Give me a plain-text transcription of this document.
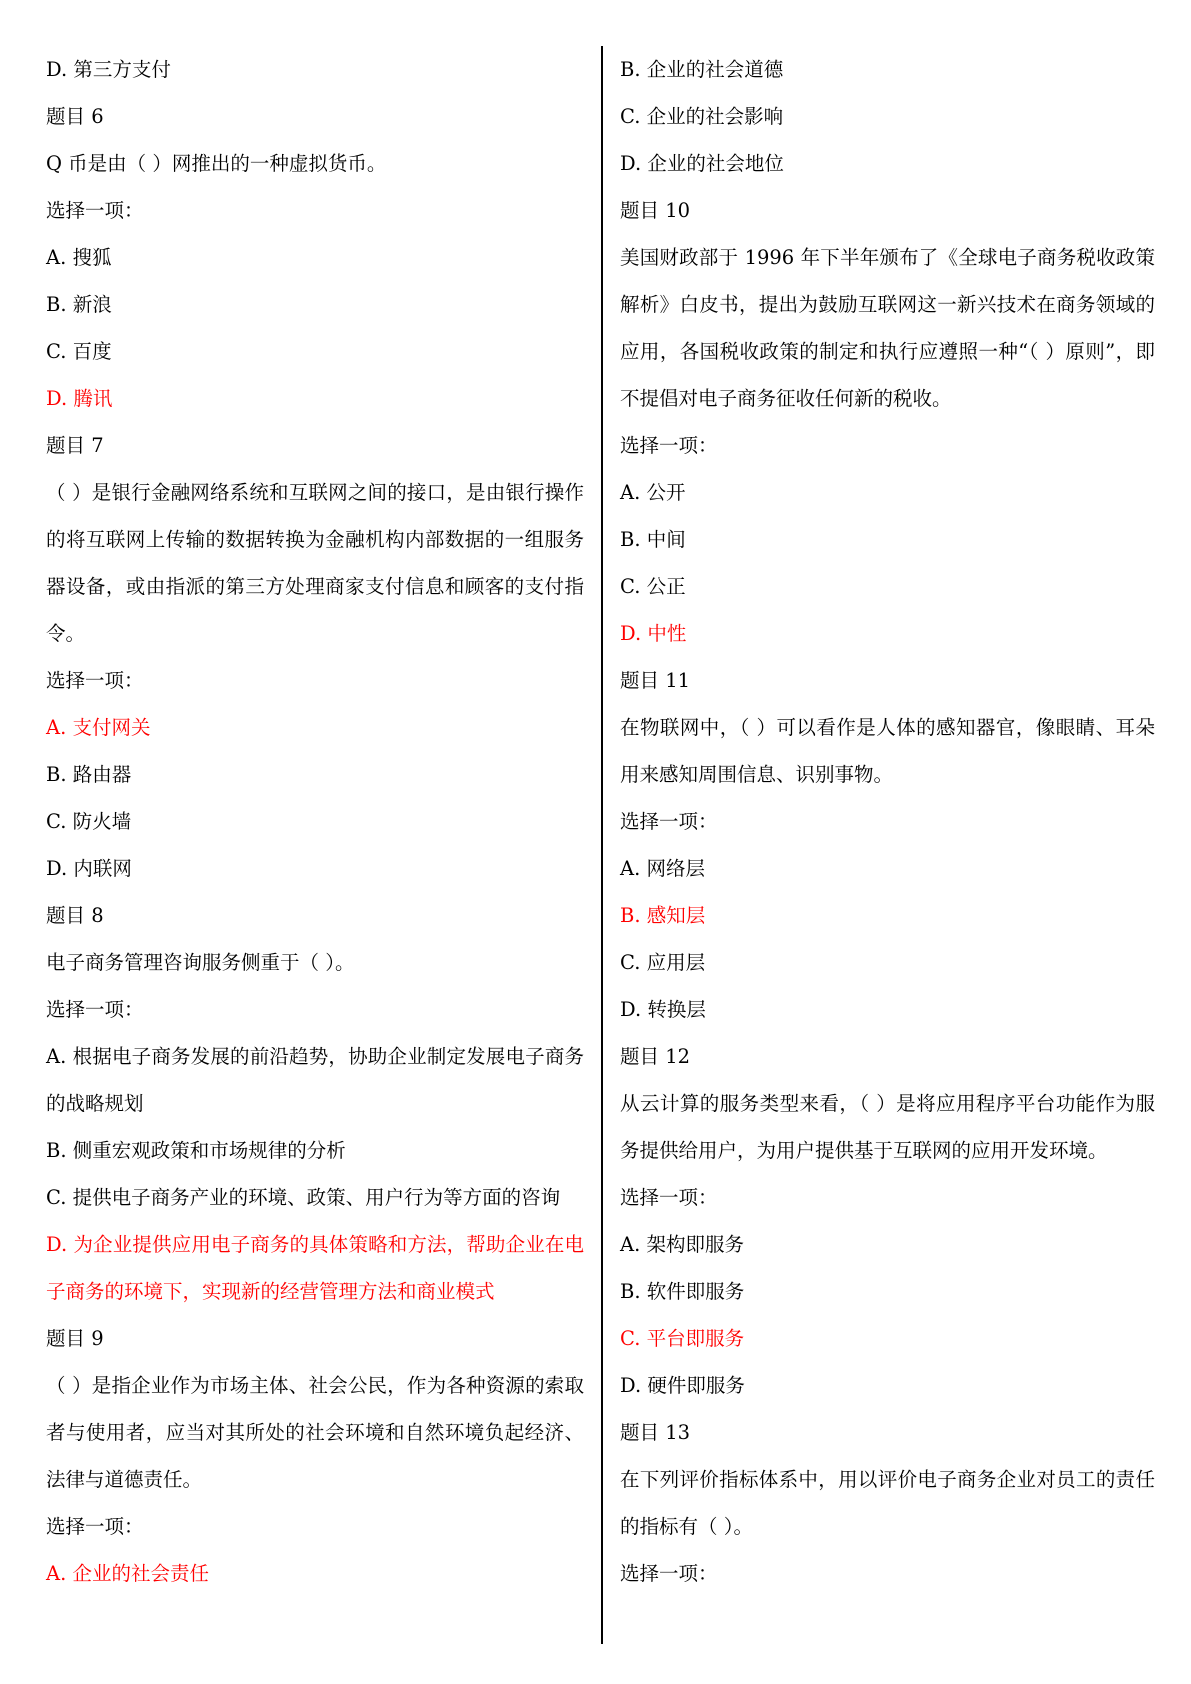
D. 第三方支付
题目 6
Q 币是由（ ）网推出的一种虚拟货币。
选择一项：
A. 搜狐
B. 新浪
C. 百度
D. 腾讯
题目 7
（ ）是银行金融网络系统和互联网之间的接口，是由银行操作的将互联网上传输的数据转换为金融机构内部数据的一组服务器设备，或由指派的第三方处理商家支付信息和顾客的支付指令。
选择一项：
A. 支付网关
B. 路由器
C. 防火墙
D. 内联网
题目 8
电子商务管理咨询服务侧重于（ ）。
选择一项：
A. 根据电子商务发展的前沿趋势，协助企业制定发展电子商务的战略规划
B. 侧重宏观政策和市场规律的分析
C. 提供电子商务产业的环境、政策、用户行为等方面的咨询
D. 为企业提供应用电子商务的具体策略和方法，帮助企业在电子商务的环境下，实现新的经营管理方法和商业模式
题目 9
（ ）是指企业作为市场主体、社会公民，作为各种资源的索取者与使用者，应当对其所处的社会环境和自然环境负起经济、法律与道德责任。
选择一项：
A. 企业的社会责任
B. 企业的社会道德
C. 企业的社会影响
D. 企业的社会地位
题目 10
美国财政部于 1996 年下半年颁布了《全球电子商务税收政策解析》白皮书，提出为鼓励互联网这一新兴技术在商务领域的应用，各国税收政策的制定和执行应遵照一种“（ ）原则”，即不提倡对电子商务征收任何新的税收。
选择一项：
A. 公开
B. 中间
C. 公正
D. 中性
题目 11
在物联网中，（ ）可以看作是人体的感知器官，像眼睛、耳朵用来感知周围信息、识别事物。
选择一项：
A. 网络层
B. 感知层
C. 应用层
D. 转换层
题目 12
从云计算的服务类型来看，（ ）是将应用程序平台功能作为服务提供给用户，为用户提供基于互联网的应用开发环境。
选择一项：
A. 架构即服务
B. 软件即服务
C. 平台即服务
D. 硬件即服务
题目 13
在下列评价指标体系中，用以评价电子商务企业对员工的责任的指标有（ ）。
选择一项：
